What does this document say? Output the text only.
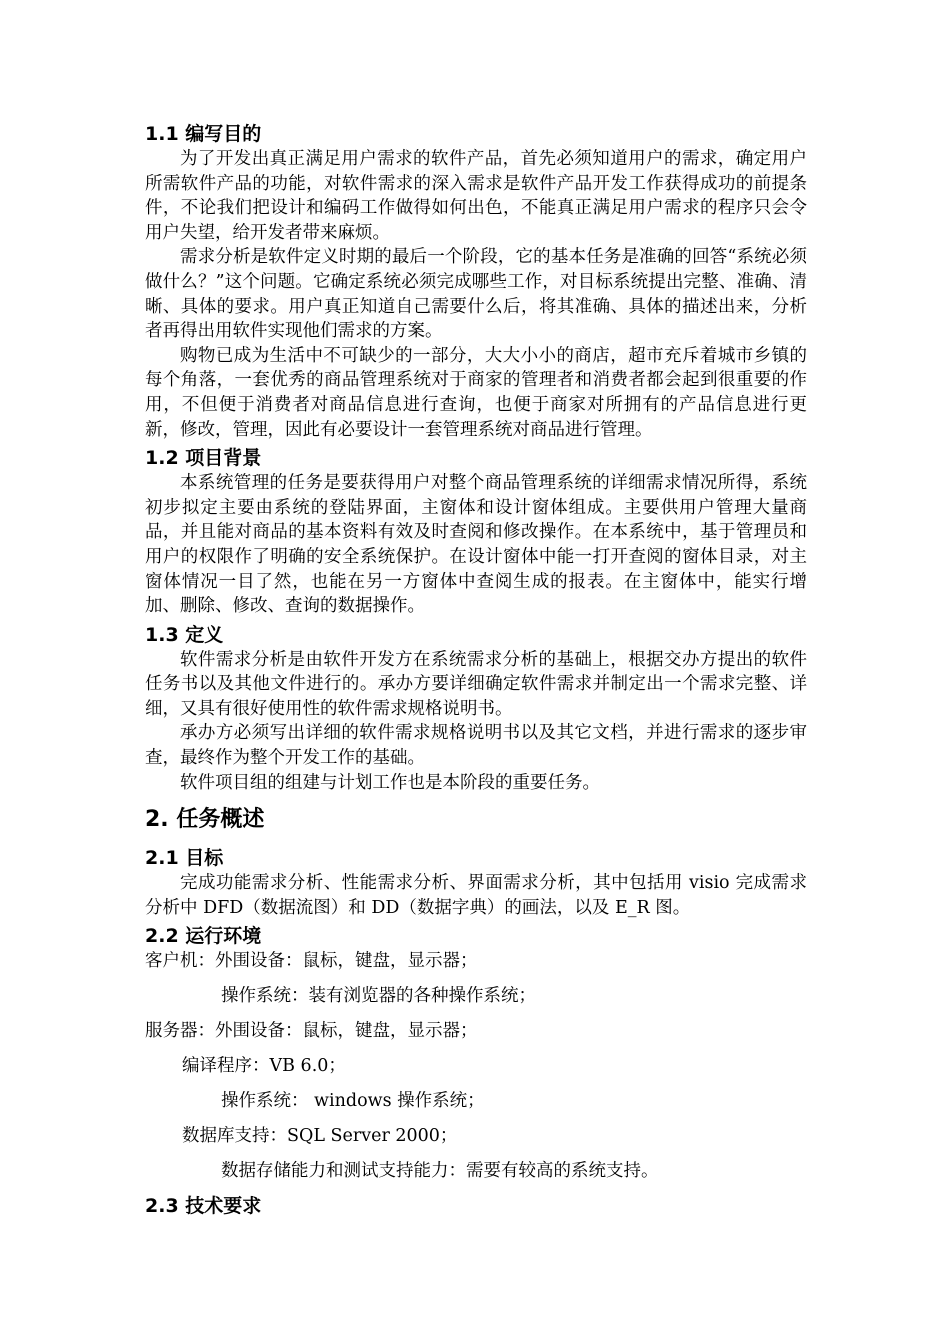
1.1 编写目的

为了开发出真正满足用户需求的软件产品，首先必须知道用户的需求，确定用户所需软件产品的功能，对软件需求的深入需求是软件产品开发工作获得成功的前提条件，不论我们把设计和编码工作做得如何出色，不能真正满足用户需求的程序只会令用户失望，给开发者带来麻烦。

需求分析是软件定义时期的最后一个阶段，它的基本任务是准确的回答“系统必须做什么？”这个问题。它确定系统必须完成哪些工作，对目标系统提出完整、准确、清晰、具体的要求。用户真正知道自己需要什么后，将其准确、具体的描述出来，分析者再得出用软件实现他们需求的方案。

购物已成为生活中不可缺少的一部分，大大小小的商店，超市充斥着城市乡镇的每个角落，一套优秀的商品管理系统对于商家的管理者和消费者都会起到很重要的作用，不但便于消费者对商品信息进行查询，也便于商家对所拥有的产品信息进行更新，修改，管理，因此有必要设计一套管理系统对商品进行管理。

1.2 项目背景

本系统管理的任务是要获得用户对整个商品管理系统的详细需求情况所得，系统初步拟定主要由系统的登陆界面，主窗体和设计窗体组成。主要供用户管理大量商品，并且能对商品的基本资料有效及时查阅和修改操作。在本系统中，基于管理员和用户的权限作了明确的安全系统保护。在设计窗体中能一打开查阅的窗体目录，对主窗体情况一目了然，也能在另一方窗体中查阅生成的报表。在主窗体中，能实行增加、删除、修改、查询的数据操作。

1.3 定义

软件需求分析是由软件开发方在系统需求分析的基础上，根据交办方提出的软件任务书以及其他文件进行的。承办方要详细确定软件需求并制定出一个需求完整、详细，又具有很好使用性的软件需求规格说明书。

承办方必须写出详细的软件需求规格说明书以及其它文档，并进行需求的逐步审查，最终作为整个开发工作的基础。

软件项目组的组建与计划工作也是本阶段的重要任务。

2. 任务概述
2.1 目标

完成功能需求分析、性能需求分析、界面需求分析，其中包括用 visio 完成需求分析中 DFD（数据流图）和 DD（数据字典）的画法，以及 E_R 图。

2.2 运行环境

客户机：外围设备：鼠标，键盘，显示器；

操作系统：装有浏览器的各种操作系统；

服务器：外围设备：鼠标，键盘，显示器；

编译程序：VB 6.0；

操作系统： windows 操作系统；

数据库支持：SQL Server 2000；

数据存储能力和测试支持能力：需要有较高的系统支持。

2.3 技术要求
